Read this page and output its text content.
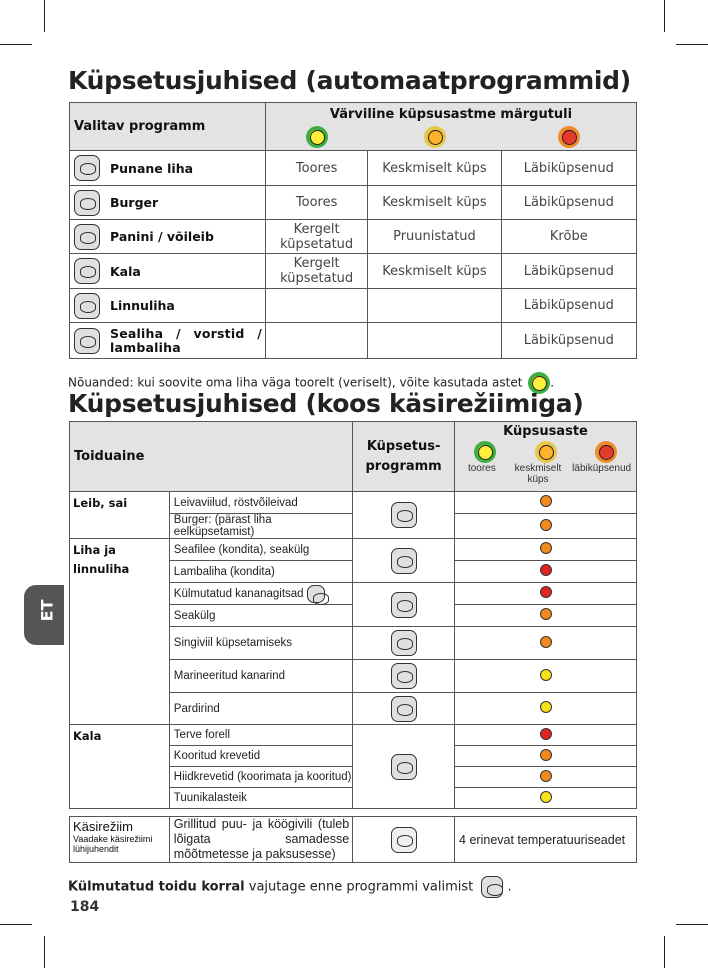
Küpsetusjuhised (automaatprogrammid)
Valitav programm	Värviline küpsusastme märgutuli		

Punane liha	Toores	Keskmiselt küps	Läbiküpsenud

Burger	Toores	Keskmiselt küps	Läbiküpsenud

Panini / võileib	Kergelt küpsetatud	Pruunistatud	Krõbe

Kala	Kergelt küpsetatud	Keskmiselt küps	Läbiküpsenud

Linnuliha			Läbiküpsenud

Sealiha / vorstid / lambaliha			Läbiküpsenud
Nõuanded: kui soovite oma liha väga toorelt (veriselt), võite kasutada astet .
Küpsetusjuhised (koos käsirežiimiga)
Toiduaine		Küpsetus-programm	Küpsusaste
toores keskmiselt küps
läbiküpsenud

Leib, sai	Leivaviilud, röstvõileivad		
	Burger: (pärast liha eelküpsetamist)		
Liha ja linnuliha	Seafilee (kondita), seakülg		
	Lambaliha (kondita)		
	Külmutatud kananagitsad		
	Seakülg		
	Singiviil küpsetamiseks		
	Marineeritud kanarind		
	Pardirind		
Kala	Terve forell		
	Kooritud krevetid		
	Hiidkrevetid (koorimata ja kooritud)		
	Tuunikalasteik		

Käsirežiim
Vaadake käsirežiimi lühijuhendit	Grillitud puu- ja köögivili (tuleb lõigata samadesse mõõtmetesse ja paksusesse)		4 erinevat temperatuuriseadet
Külmutatud toidu korral vajutage enne programmi valimist  .
184
ET
